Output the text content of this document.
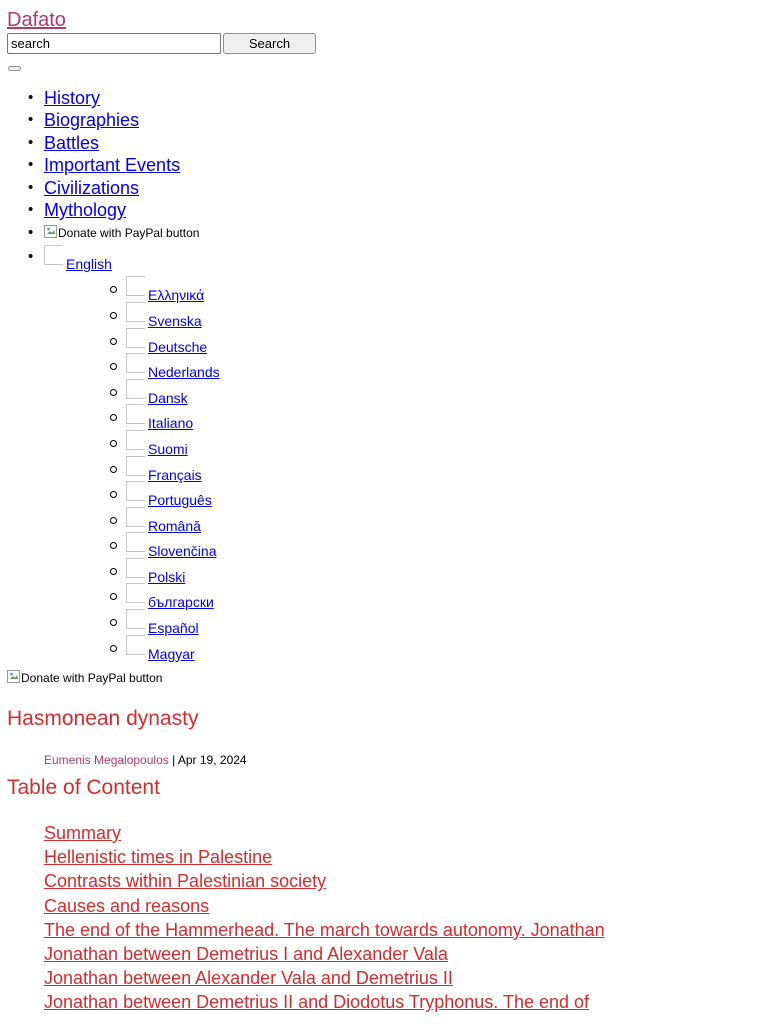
Dafato
search
Search
• History
• Biographies
• Battles
• Important Events
• Civilizations
• Mythology
• Donate with PayPal button
• English
Ελληνικά
Svenska
Deutsche
Nederlands
Dansk
Italiano
Suomi
Français
Português
Română
Slovenčina
Polski
български
Español
Magyar
Donate with PayPal button
Hasmonean dynasty
Eumenis Megalopoulos | Apr 19, 2024
Table of Content
Summary
Hellenistic times in Palestine
Contrasts within Palestinian society
Causes and reasons
The end of the Hammerhead. The march towards autonomy. Jonathan
Jonathan between Demetrius I and Alexander Vala
Jonathan between Alexander Vala and Demetrius II
Jonathan between Demetrius II and Diodotus Tryphonus. The end of
